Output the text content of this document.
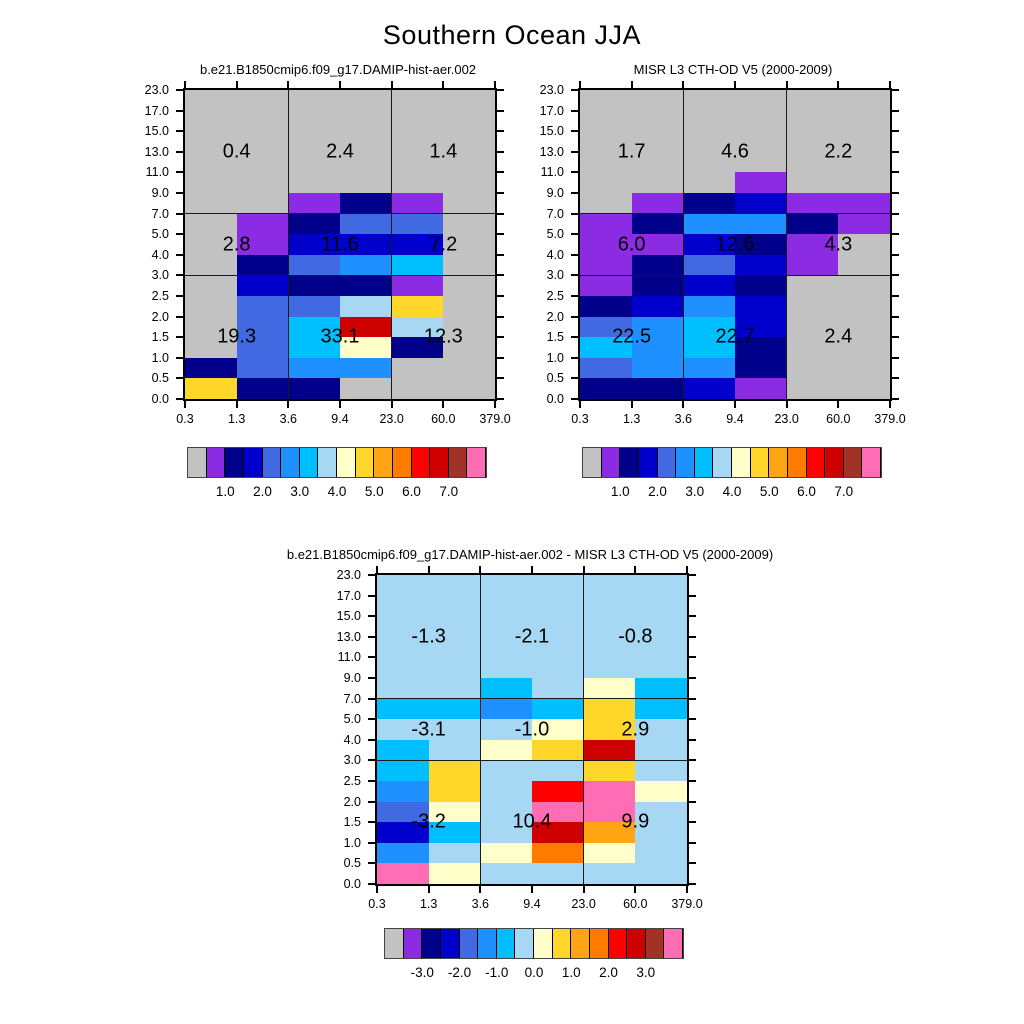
Southern Ocean JJA
b.e21.B1850cmip6.f09_g17.DAMIP-hist-aer.002
0.4	2.4	1.4
2.8	11.6	7.2
19.3	33.1	12.3
23.0
17.0
15.0
13.0
11.0
9.0
7.0
5.0
4.0
3.0
2.5
2.0
1.5
1.0
0.5
0.0
0.3	1.3	3.6	9.4	23.0	60.0	379.0
MISR L3 CTH-OD V5 (2000-2009)
1.7	4.6	2.2
6.0	12.6	4.3
22.5	22.7	2.4
23.0
17.0
15.0
13.0
11.0
9.0
7.0
5.0
4.0
3.0
2.5
2.0
1.5
1.0
0.5
0.0
0.3	1.3	3.6	9.4	23.0	60.0	379.0
b.e21.B1850cmip6.f09_g17.DAMIP-hist-aer.002 - MISR L3 CTH-OD V5 (2000-2009)
-1.3	-2.1	-0.8
-3.1	-1.0	2.9
-3.2	10.4	9.9
23.0
17.0
15.0
13.0
11.0
9.0
7.0
5.0
4.0
3.0
2.5
2.0
1.5
1.0
0.5
0.0
0.3	1.3	3.6	9.4	23.0	60.0	379.0
1.0	2.0	3.0	4.0	5.0	6.0	7.0	1.0	2.0	3.0	4.0	5.0	6.0	7.0
-3.0	-2.0	-1.0	0.0	1.0	2.0	3.0
